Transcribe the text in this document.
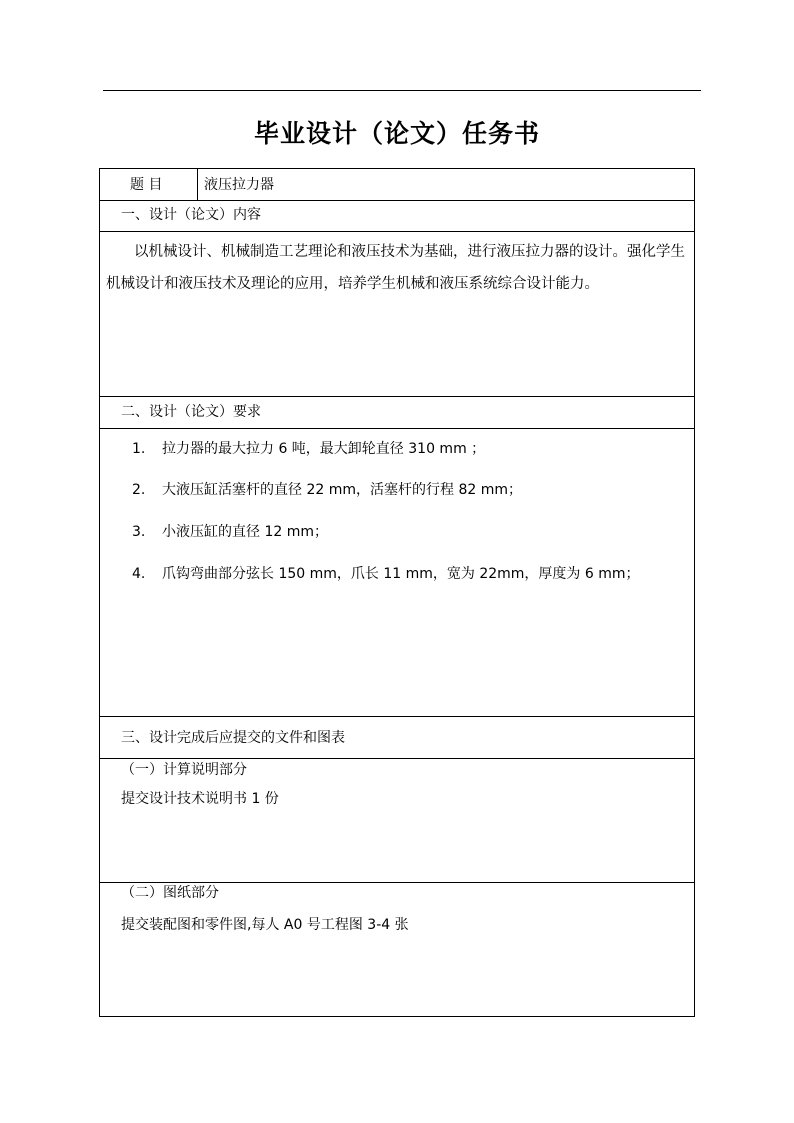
毕业设计（论文）任务书
题 目	液压拉力器
一、设计（论文）内容
以机械设计、机械制造工艺理论和液压技术为基础，进行液压拉力器的设计。强化学生机械设计和液压技术及理论的应用，培养学生机械和液压系统综合设计能力。
二、设计（论文）要求
1. 拉力器的最大拉力 6 吨，最大卸轮直径 310 mm ；
2. 大液压缸活塞杆的直径 22 mm，活塞杆的行程 82 mm；
3. 小液压缸的直径 12 mm；
4. 爪钩弯曲部分弦长 150 mm，爪长 11 mm，宽为 22mm，厚度为 6 mm；
三、设计完成后应提交的文件和图表
（一）计算说明部分
提交设计技术说明书 1 份
（二）图纸部分
提交装配图和零件图,每人 A0 号工程图 3-4 张
